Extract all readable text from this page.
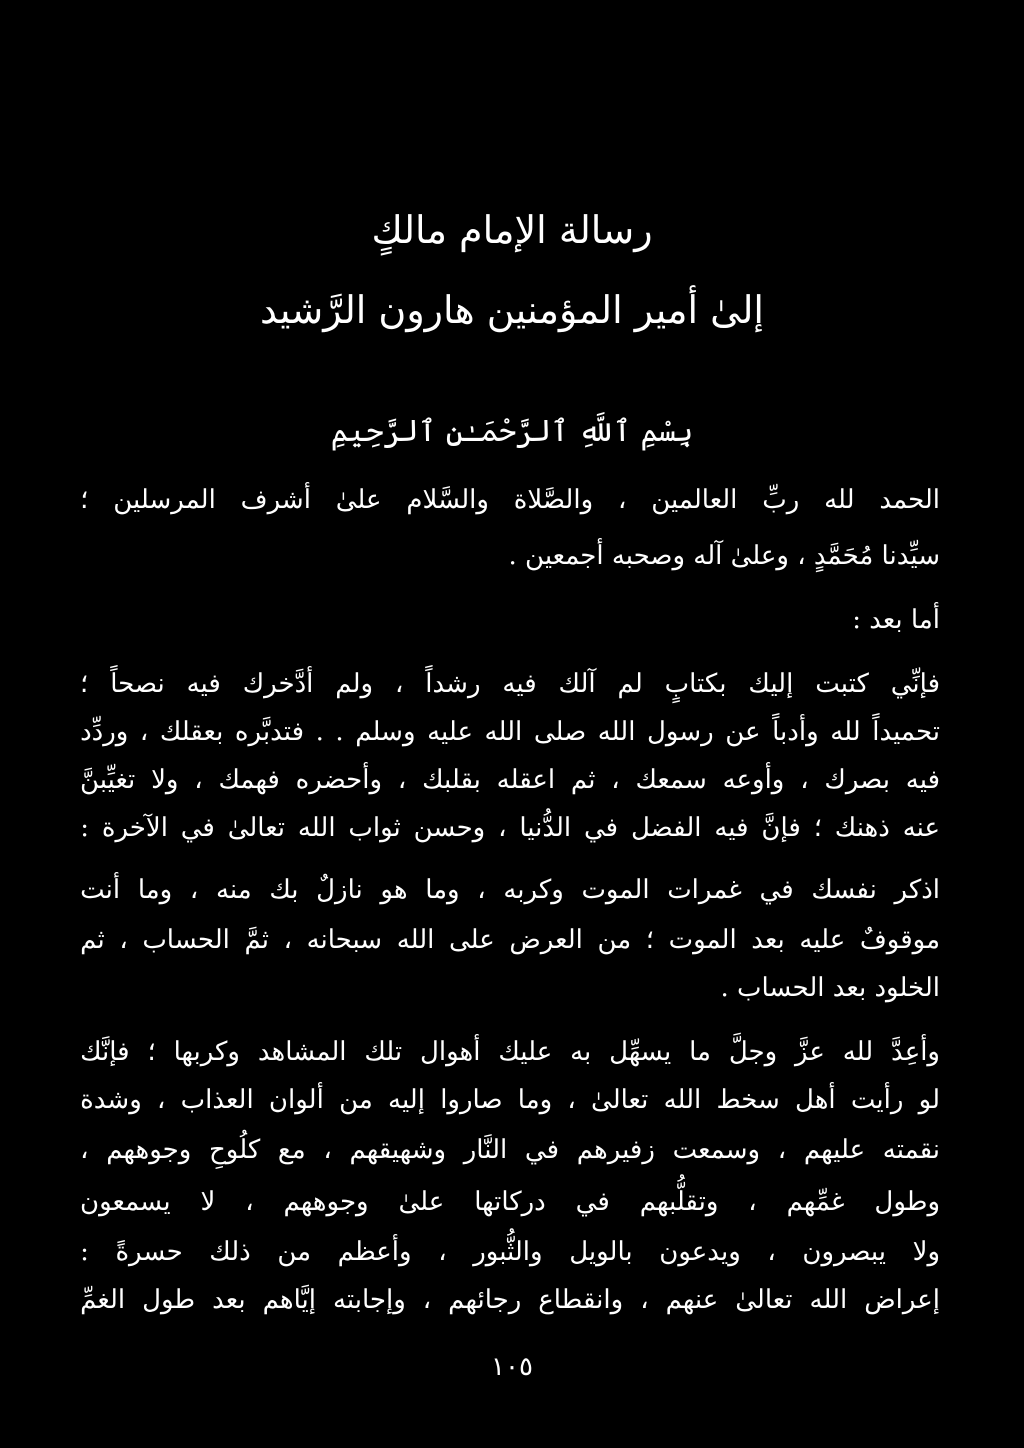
رسالة الإمام مالكٍ
إلىٰ أمير المؤمنين هارون الرَّشيد
بِسْمِ ٱللَّهِ ٱلرَّحْمَـٰنِ ٱلرَّحِيمِ
الحمد
لله
ربِّ
العالمين
،
والصَّلاة
والسَّلام
علىٰ
أشرف
المرسلين
؛
سيِّدنا مُحَمَّدٍ ، وعلىٰ آله وصحبه أجمعين .
أما بعد :
فإنِّي
كتبت
إليك
بكتابٍ
لم
آلك
فيه
رشداً
،
ولم
أدَّخرك
فيه
نصحاً
؛
تحميداً
لله
وأدباً
عن
رسول
الله
صلى
الله
عليه
وسلم
.
.
فتدبَّره
بعقلك
،
وردِّد
فيه
بصرك
،
وأوعه
سمعك
،
ثم
اعقله
بقلبك
،
وأحضره
فهمك
،
ولا
تغيِّبنَّ
عنه
ذهنك
؛
فإنَّ
فيه
الفضل
في
الدُّنيا
،
وحسن
ثواب
الله
تعالىٰ
في
الآخرة
:
اذكر
نفسك
في
غمرات
الموت
وكربه
،
وما
هو
نازلٌ
بك
منه
،
وما
أنت
موقوفٌ
عليه
بعد
الموت
؛
من
العرض
على
الله
سبحانه
،
ثمَّ
الحساب
،
ثم
الخلود بعد الحساب .
وأعِدَّ
لله
عزَّ
وجلَّ
ما
يسهِّل
به
عليك
أهوال
تلك
المشاهد
وكربها
؛
فإنَّك
لو
رأيت
أهل
سخط
الله
تعالىٰ
،
وما
صاروا
إليه
من
ألوان
العذاب
،
وشدة
نقمته
عليهم
،
وسمعت
زفيرهم
في
النَّار
وشهيقهم
،
مع
كلُوحِ
وجوههم
،
وطول
غمِّهم
،
وتقلُّبهم
في
دركاتها
علىٰ
وجوههم
،
لا
يسمعون
ولا
يبصرون
،
ويدعون
بالويل
والثُّبور
،
وأعظم
من
ذلك
حسرةً
:
إعراض
الله
تعالىٰ
عنهم
،
وانقطاع
رجائهم
،
وإجابته
إيَّاهم
بعد
طول
الغمِّ
١٠٥
